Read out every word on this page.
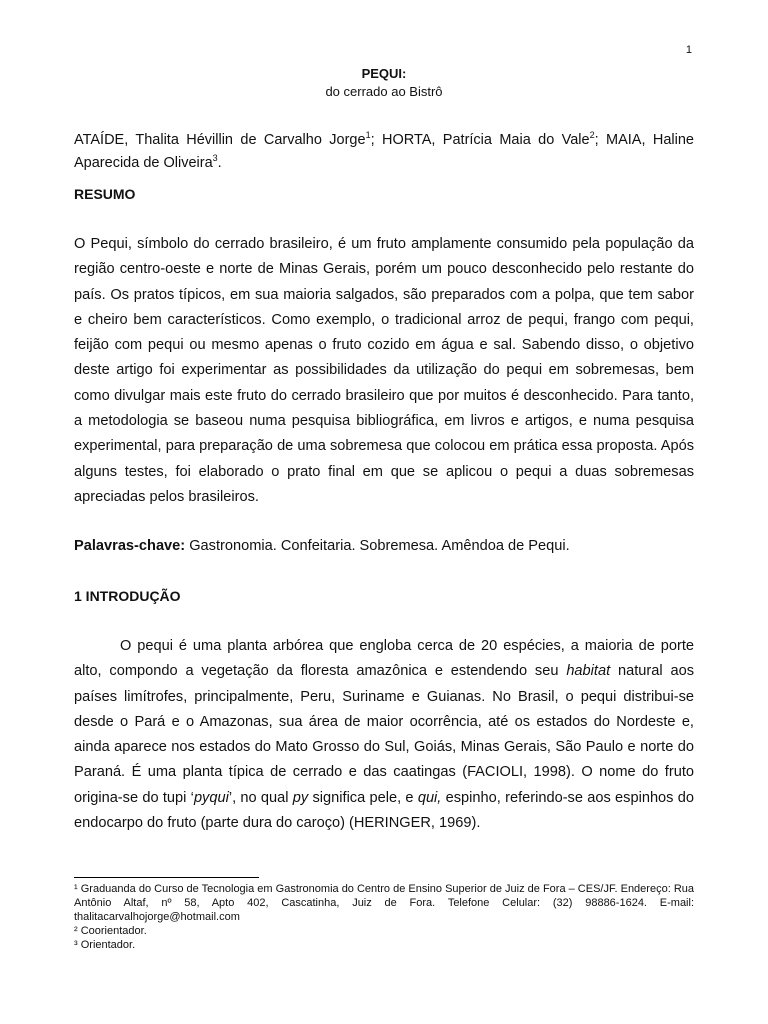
1
PEQUI:
do cerrado ao Bistrô
ATAÍDE, Thalita Hévillin de Carvalho Jorge$^1$; HORTA, Patrícia Maia do Vale$^2$; MAIA, Haline Aparecida de Oliveira$^3$.
RESUMO
O Pequi, símbolo do cerrado brasileiro, é um fruto amplamente consumido pela população da região centro-oeste e norte de Minas Gerais, porém um pouco desconhecido pelo restante do país. Os pratos típicos, em sua maioria salgados, são preparados com a polpa, que tem sabor e cheiro bem característicos. Como exemplo, o tradicional arroz de pequi, frango com pequi, feijão com pequi ou mesmo apenas o fruto cozido em água e sal. Sabendo disso, o objetivo deste artigo foi experimentar as possibilidades da utilização do pequi em sobremesas, bem como divulgar mais este fruto do cerrado brasileiro que por muitos é desconhecido. Para tanto, a metodologia se baseou numa pesquisa bibliográfica, em livros e artigos, e numa pesquisa experimental, para preparação de uma sobremesa que colocou em prática essa proposta. Após alguns testes, foi elaborado o prato final em que se aplicou o pequi a duas sobremesas apreciadas pelos brasileiros.
Palavras-chave: Gastronomia. Confeitaria. Sobremesa. Amêndoa de Pequi.
1 INTRODUÇÃO
O pequi é uma planta arbórea que engloba cerca de 20 espécies, a maioria de porte alto, compondo a vegetação da floresta amazônica e estendendo seu habitat natural aos países limítrofes, principalmente, Peru, Suriname e Guianas. No Brasil, o pequi distribui-se desde o Pará e o Amazonas, sua área de maior ocorrência, até os estados do Nordeste e, ainda aparece nos estados do Mato Grosso do Sul, Goiás, Minas Gerais, São Paulo e norte do Paraná. É uma planta típica de cerrado e das caatingas (FACIOLI, 1998). O nome do fruto origina-se do tupi ‘pyqui’, no qual py significa pele, e qui, espinho, referindo-se aos espinhos do endocarpo do fruto (parte dura do caroço) (HERINGER, 1969).
¹ Graduanda do Curso de Tecnologia em Gastronomia do Centro de Ensino Superior de Juiz de Fora – CES/JF. Endereço: Rua Antônio Altaf, nº 58, Apto 402, Cascatinha, Juiz de Fora. Telefone Celular: (32) 98886-1624. E-mail: thalitacarvalhojorge@hotmail.com
² Coorientador.
³ Orientador.
